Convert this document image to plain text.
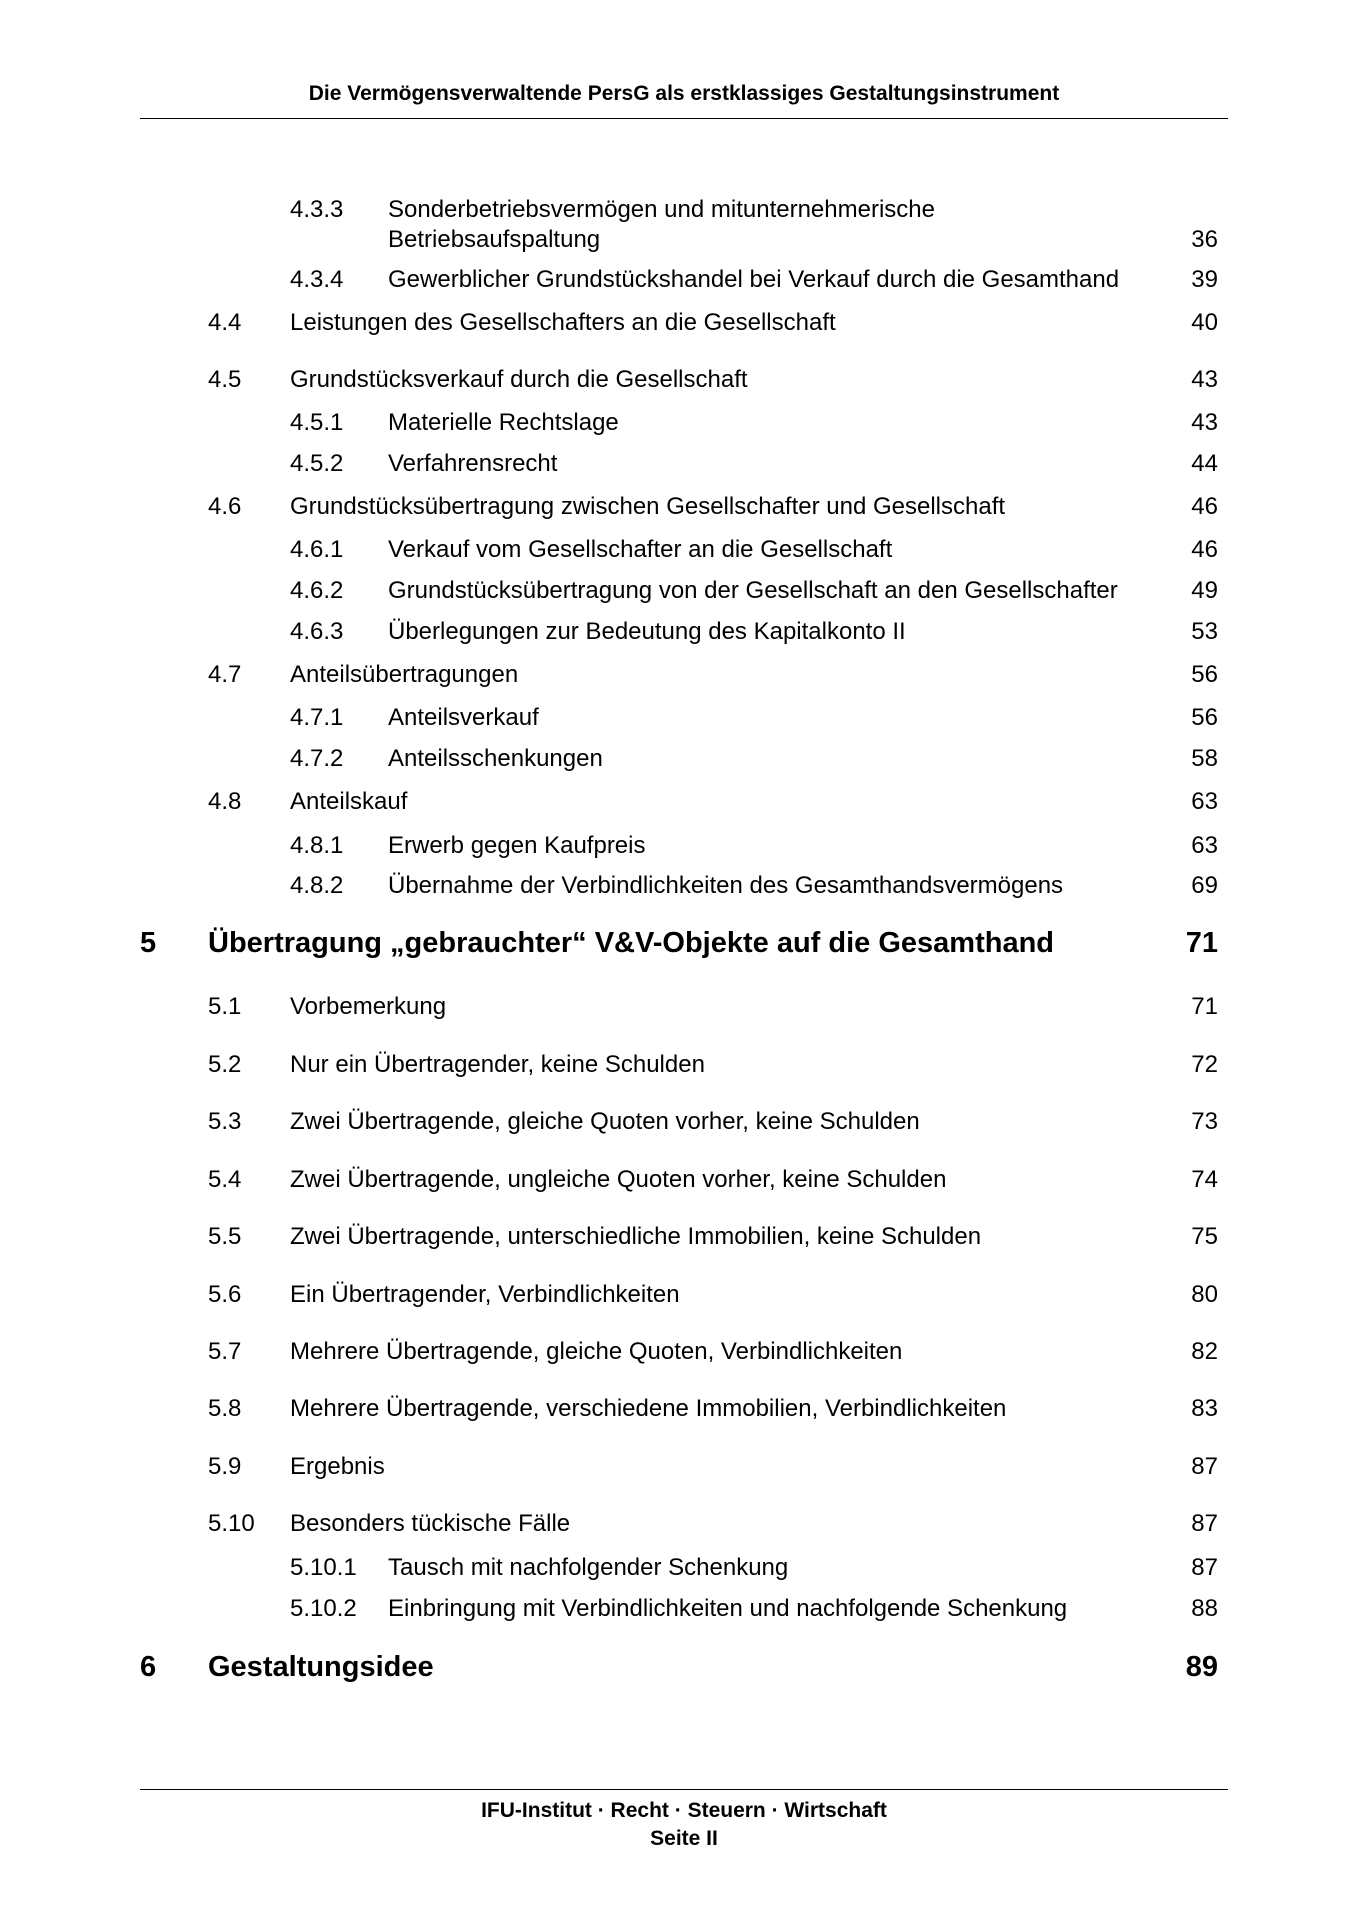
Die Vermögensverwaltende PersG als erstklassiges Gestaltungsinstrument
4.3.3 Sonderbetriebsvermögen und mitunternehmerische
Betriebsaufspaltung	36
4.3.4 Gewerblicher Grundstückshandel bei Verkauf durch die Gesamthand	39
4.4 Leistungen des Gesellschafters an die Gesellschaft	40
4.5 Grundstücksverkauf durch die Gesellschaft	43
4.5.1 Materielle Rechtslage	43
4.5.2 Verfahrensrecht	44
4.6 Grundstücksübertragung zwischen Gesellschafter und Gesellschaft	46
4.6.1 Verkauf vom Gesellschafter an die Gesellschaft	46
4.6.2 Grundstücksübertragung von der Gesellschaft an den Gesellschafter	49
4.6.3 Überlegungen zur Bedeutung des Kapitalkonto II	53
4.7 Anteilsübertragungen	56
4.7.1 Anteilsverkauf	56
4.7.2 Anteilsschenkungen	58
4.8 Anteilskauf	63
4.8.1 Erwerb gegen Kaufpreis	63
4.8.2 Übernahme der Verbindlichkeiten des Gesamthandsvermögens	69
5 Übertragung „gebrauchter“ V&V-Objekte auf die Gesamthand	71
5.1 Vorbemerkung	71
5.2 Nur ein Übertragender, keine Schulden	72
5.3 Zwei Übertragende, gleiche Quoten vorher, keine Schulden	73
5.4 Zwei Übertragende, ungleiche Quoten vorher, keine Schulden	74
5.5 Zwei Übertragende, unterschiedliche Immobilien, keine Schulden	75
5.6 Ein Übertragender, Verbindlichkeiten	80
5.7 Mehrere Übertragende, gleiche Quoten, Verbindlichkeiten	82
5.8 Mehrere Übertragende, verschiedene Immobilien, Verbindlichkeiten	83
5.9 Ergebnis	87
5.10 Besonders tückische Fälle	87
5.10.1 Tausch mit nachfolgender Schenkung	87
5.10.2 Einbringung mit Verbindlichkeiten und nachfolgende Schenkung	88
6 Gestaltungsidee	89
IFU-Institut · Recht · Steuern · Wirtschaft
Seite II
